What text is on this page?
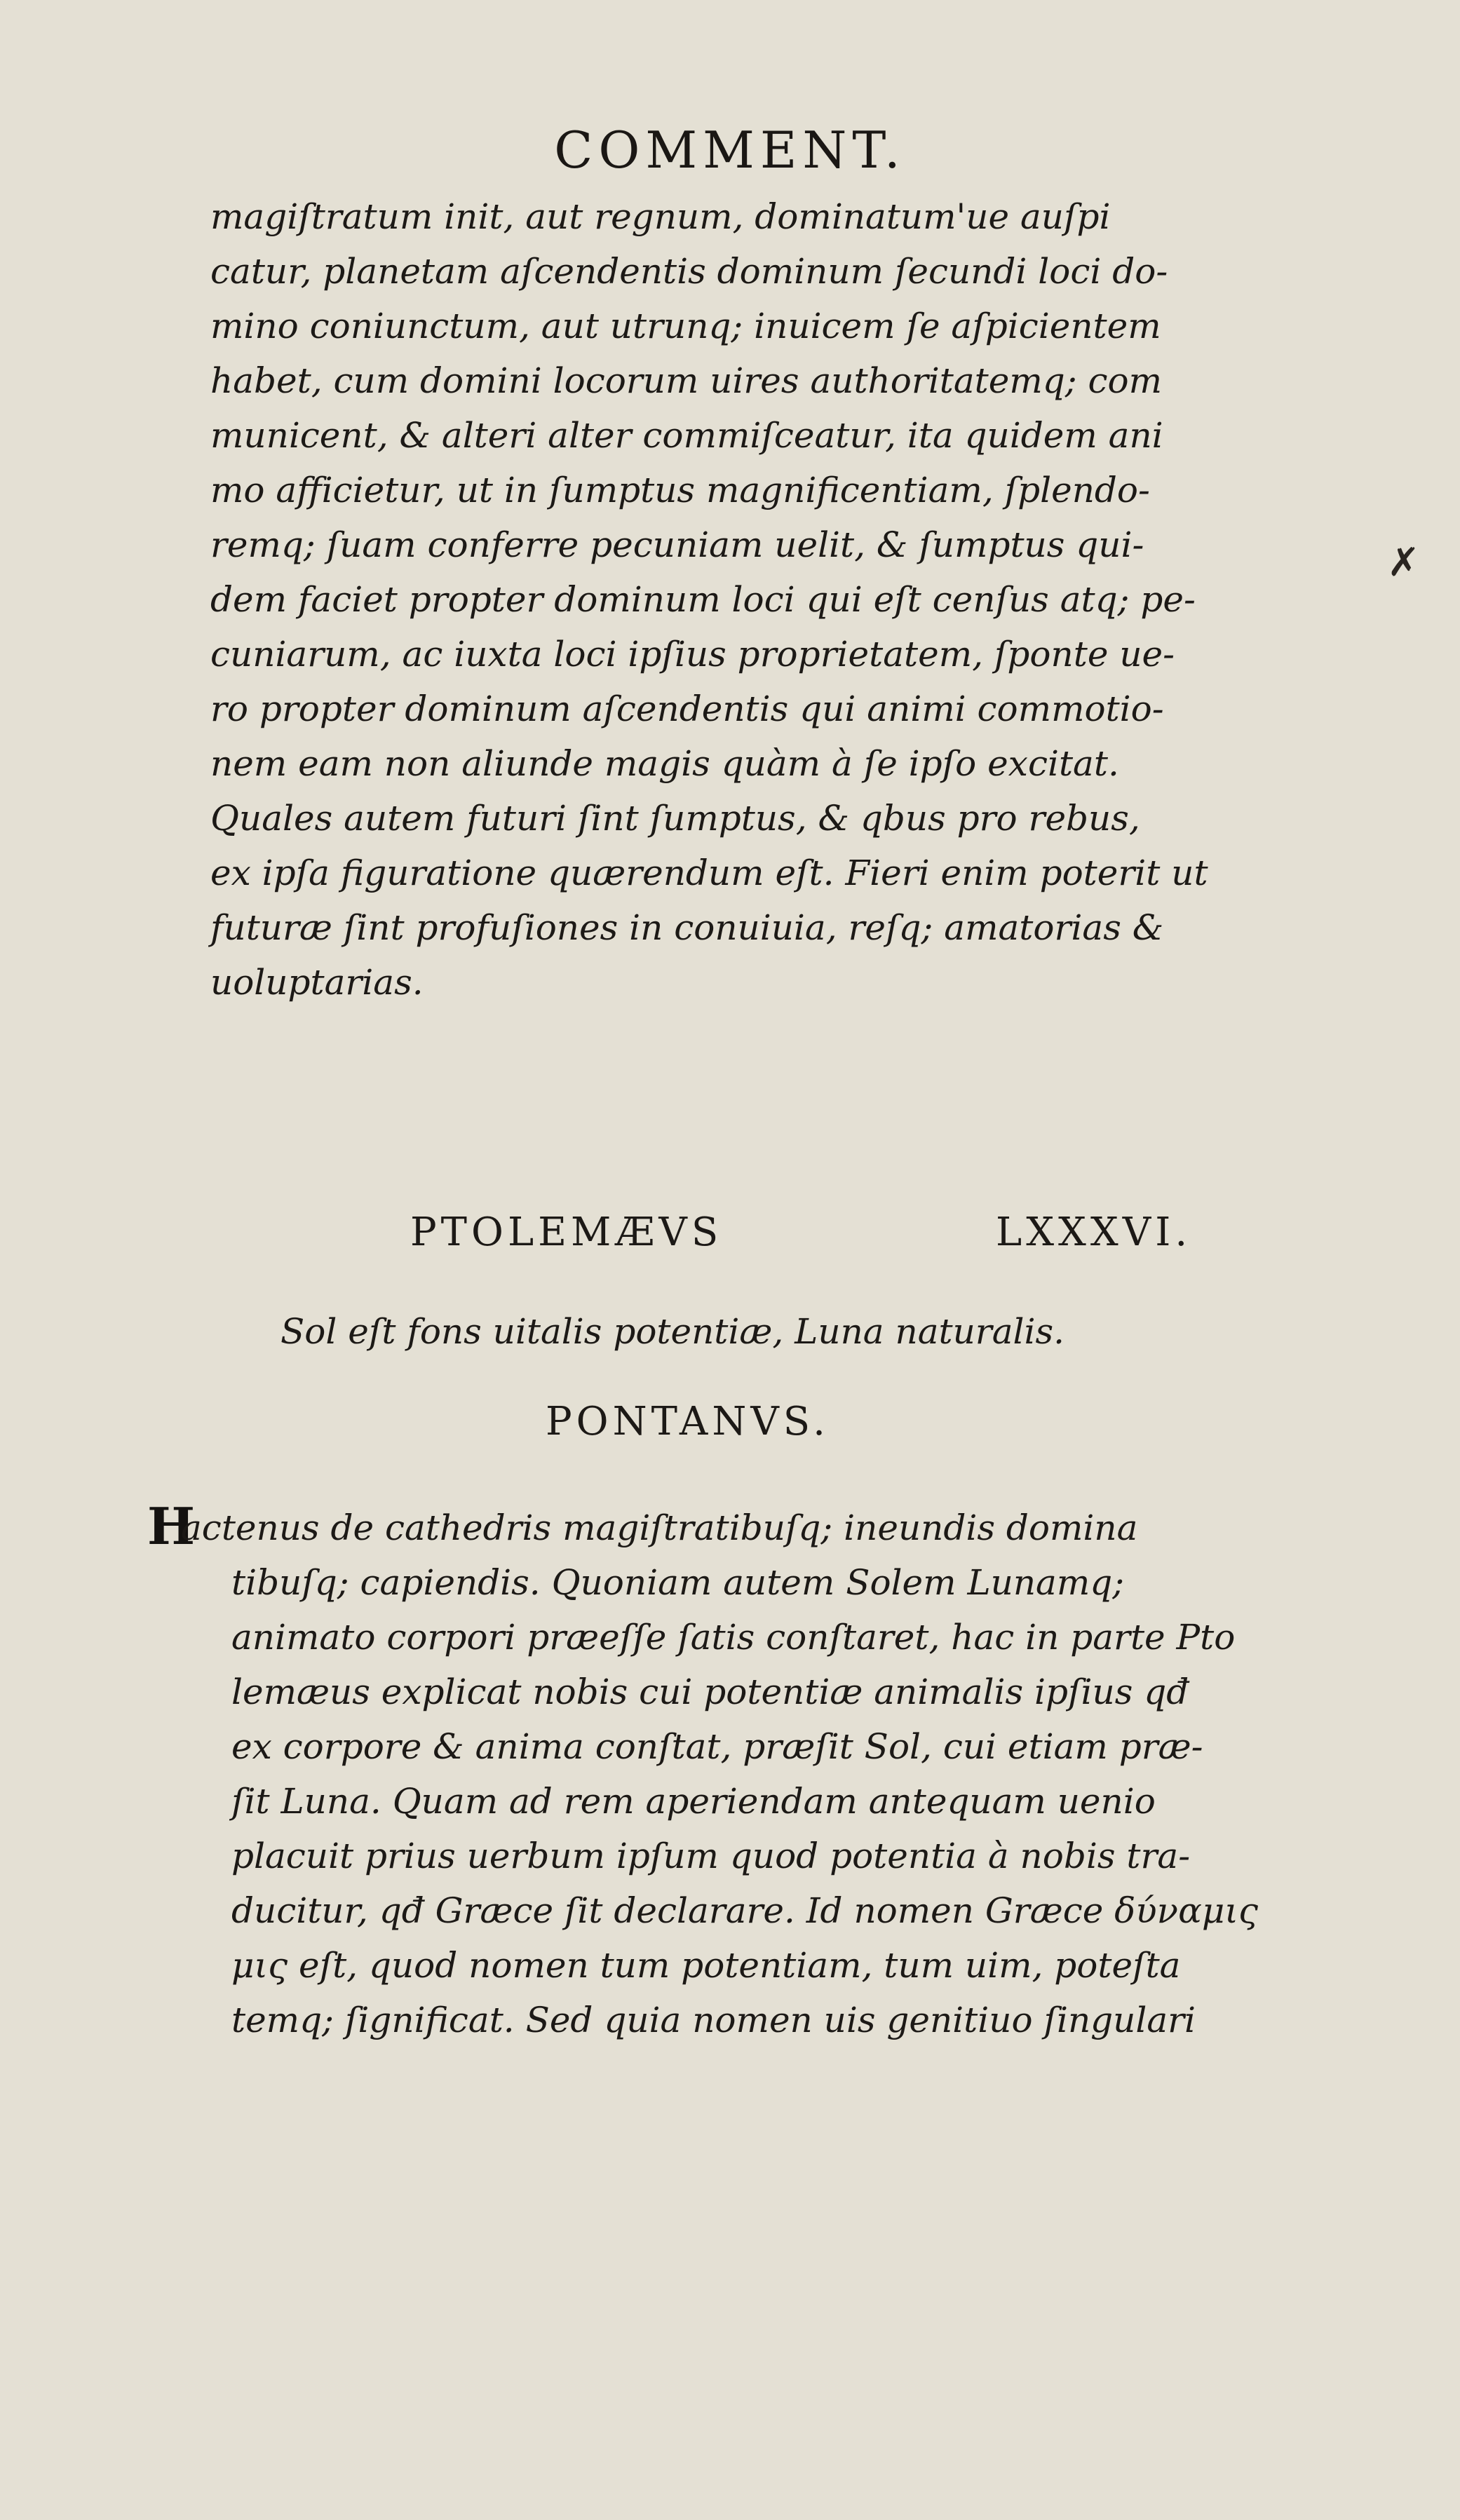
COMMENT.
magiſtratum init, aut regnum, dominatum'ue auſpi
catur, planetam aſcendentis dominum ſecundi loci do-
mino coniunctum, aut utrunq; inuicem ſe aſpicientem
habet, cum domini locorum uires authoritatemq; com
municent, & alteri alter commiſceatur, ita quidem ani
mo afficietur, ut in ſumptus magnificentiam, ſplendo-
remq; ſuam conferre pecuniam uelit, & ſumptus qui-
dem faciet propter dominum loci qui eſt cenſus atq; pe-
cuniarum, ac iuxta loci ipſius proprietatem, ſponte ue-
ro propter dominum aſcendentis qui animi commotio-
nem eam non aliunde magis quàm à ſe ipſo excitat.
Quales autem futuri ſint ſumptus, & qbus pro rebus,
ex ipſa figuratione quærendum eſt. Fieri enim poterit ut
futuræ ſint profuſiones in conuiuia, reſq; amatorias &
uoluptarias.
✗
PTOLEMÆVS	LXXXVI.
Sol eſt fons uitalis potentiæ, Luna naturalis.
PONTANVS.
H
actenus de cathedris magiſtratibuſq; ineundis domina
tibuſq; capiendis. Quoniam autem Solem Lunamq;
animato corpori præeſſe ſatis conſtaret, hac in parte Pto
lemæus explicat nobis cui potentiæ animalis ipſius qđ
ex corpore & anima conſtat, præſit Sol, cui etiam præ-
ſit Luna. Quam ad rem aperiendam antequam uenio
placuit prius uerbum ipſum quod potentia à nobis tra-
ducitur, qđ Græce ſit declarare. Id nomen Græce δύναμις
μις eſt, quod nomen tum potentiam, tum uim, poteſta
temq; ſignificat. Sed quia nomen uis genitiuo ſingulari
